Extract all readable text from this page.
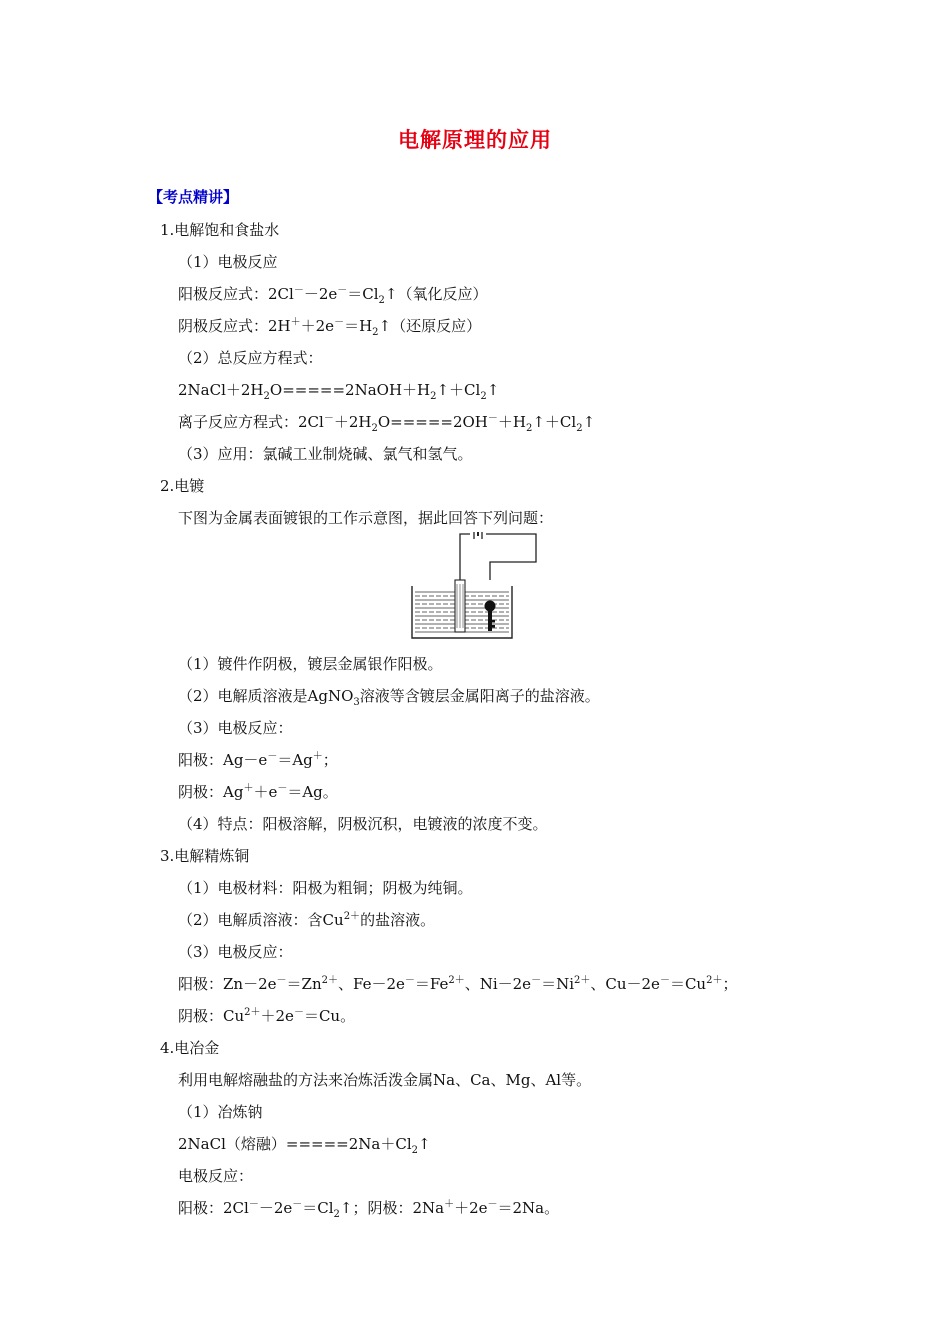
电解原理的应用
【考点精讲】
1.电解饱和食盐水
（1）电极反应
阳极反应式：$2Cl^--2e^-=Cl_2↑$（氧化反应）
阴极反应式：$2H^++2e^-=H_2↑$（还原反应）
（2）总反应方程式：
$2NaCl+2H_2O=====2NaOH+H_2↑+Cl_2↑$
离子反应方程式：$2Cl^-+2H_2O=====2OH^-+H_2↑+Cl_2↑$
（3）应用：氯碱工业制烧碱、氯气和氢气。
2.电镀
下图为金属表面镀银的工作示意图，据此回答下列问题：
（1）镀件作阴极，镀层金属银作阳极。
（2）电解质溶液是AgNO$_3$溶液等含镀层金属阳离子的盐溶液。
（3）电极反应：
阳极：Ag－e－＝Ag＋；
阴极：Ag＋＋e－＝Ag。
（4）特点：阳极溶解，阴极沉积，电镀液的浓度不变。
3.电解精炼铜
（1）电极材料：阳极为粗铜；阴极为纯铜。
（2）电解质溶液：含$Cu^{2+}$的盐溶液。
（3）电极反应：
阳极：$Zn-2e^-=Zn^{2+}$、$Fe-2e^-=Fe^{2+}$、$Ni-2e^-=Ni^{2+}$、$Cu-2e^-=Cu^{2+}$；
阴极：$Cu^{2+}+2e^-=Cu$。
4.电冶金
利用电解熔融盐的方法来冶炼活泼金属Na、Ca、Mg、Al等。
（1）冶炼钠
2NaCl（熔融）$=====2Na+Cl_2↑$
电极反应：
阳极：$2Cl^--2e^-=Cl_2↑$；阴极：2Na＋＋2e－＝2Na。
